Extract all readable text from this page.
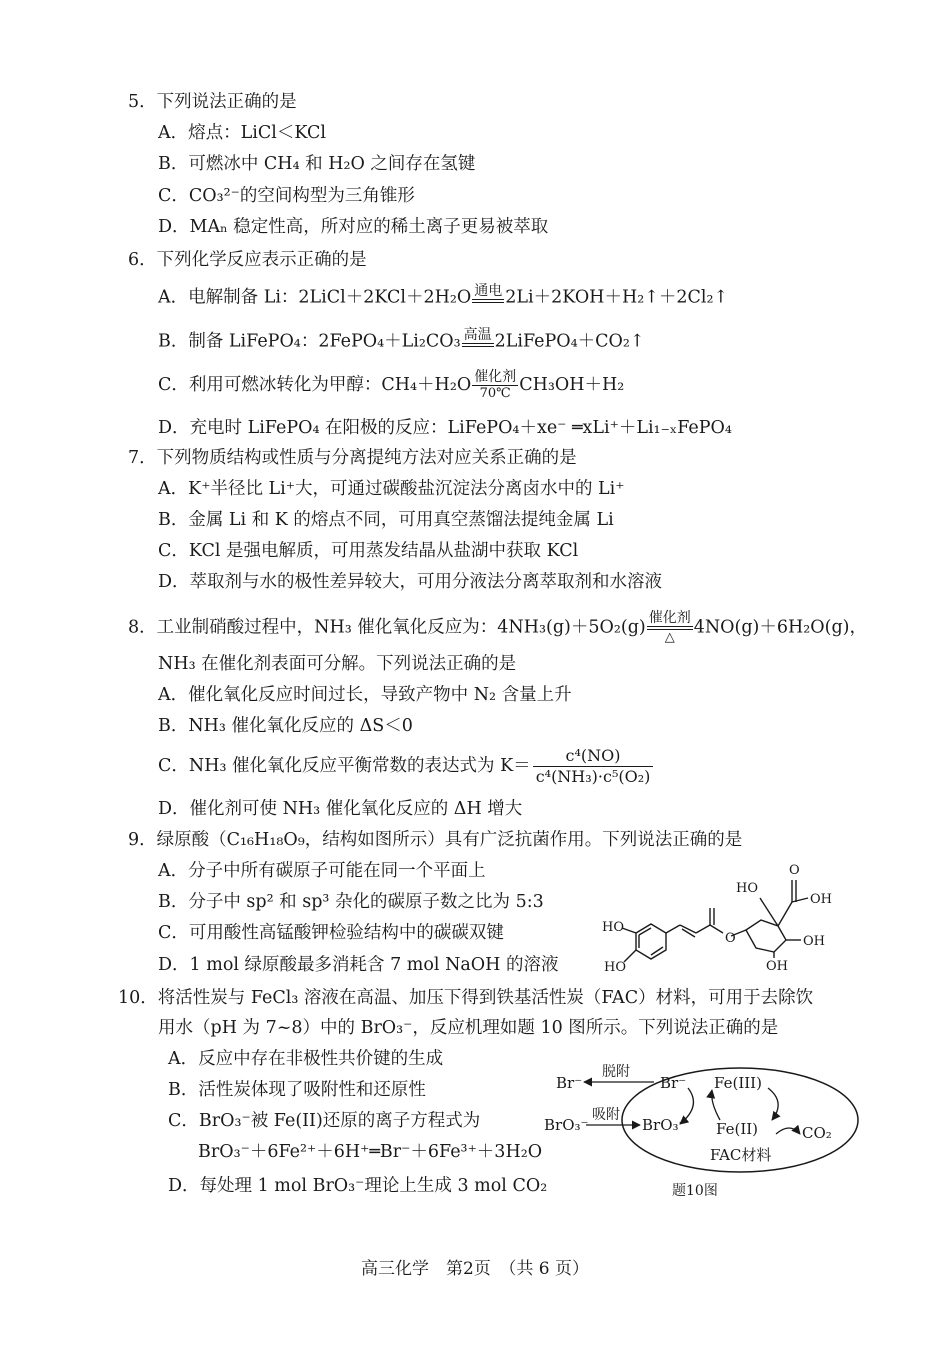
5．下列说法正确的是
A．熔点：LiCl＜KCl
B．可燃冰中 CH₄ 和 H₂O 之间存在氢键
C．CO₃²⁻的空间构型为三角锥形
D．MAₙ 稳定性高，所对应的稀土离子更易被萃取
6．下列化学反应表示正确的是
A．电解制备 Li：2LiCl＋2KCl＋2H₂O 通电 2Li＋2KOH＋H₂↑＋2Cl₂↑
B．制备 LiFePO₄：2FePO₄＋Li₂CO₃ 高温 2LiFePO₄＋CO₂↑
C．利用可燃冰转化为甲醇：CH₄＋H₂O 催化剂
70℃ CH₃OH＋H₂
D．充电时 LiFePO₄ 在阳极的反应：LiFePO₄＋xe⁻ ═xLi⁺＋Li₁₋ₓFePO₄
7．下列物质结构或性质与分离提纯方法对应关系正确的是
A．K⁺半径比 Li⁺大，可通过碳酸盐沉淀法分离卤水中的 Li⁺
B．金属 Li 和 K 的熔点不同，可用真空蒸馏法提纯金属 Li
C．KCl 是强电解质，可用蒸发结晶从盐湖中获取 KCl
D．萃取剂与水的极性差异较大，可用分液法分离萃取剂和水溶液
8．工业制硝酸过程中，NH₃ 催化氧化反应为：4NH₃(g)＋5O₂(g) 催化剂
△	4NO(g)＋6H₂O(g)，
NH₃ 在催化剂表面可分解。下列说法正确的是
A．催化氧化反应时间过长，导致产物中 N₂ 含量上升
B．NH₃ 催化氧化反应的 ΔS＜0
C．NH₃ 催化氧化反应平衡常数的表达式为 $K= \frac{\text{c⁴(NO)}}{\text{c⁴(NH₃)·c⁵(O₂)}}$
D．催化剂可使 NH₃ 催化氧化反应的 ΔH 增大
9．绿原酸（C₁₆H₁₈O₉，结构如图所示）具有广泛抗菌作用。下列说法正确的是
A．分子中所有碳原子可能在同一个平面上
B．分子中 sp² 和 sp³ 杂化的碳原子数之比为 5:3
C．可用酸性高锰酸钾检验结构中的碳碳双键
D．1 mol 绿原酸最多消耗含 7 mol NaOH 的溶液
O
HO
OH
HO
O	OH
HO	OH
10．将活性炭与 FeCl₃ 溶液在高温、加压下得到铁基活性炭（FAC）材料，可用于去除饮
用水（pH 为 7~8）中的 BrO₃⁻，反应机理如题 10 图所示。下列说法正确的是
A．反应中存在非极性共价键的生成
B．活性炭体现了吸附性和还原性
C．BrO₃⁻被 Fe(II)还原的离子方程式为
BrO₃⁻＋6Fe²⁺＋6H⁺═Br⁻＋6Fe³⁺＋3H₂O
D．每处理 1 mol BrO₃⁻理论上生成 3 mol CO₂
Br⁻
脱附
Br⁻ Fe(III)
BrO₃⁻
吸附
BrO₃⁻ Fe(II)	CO₂
FAC材料
题10图
高三化学　第2页　（共 6 页）
